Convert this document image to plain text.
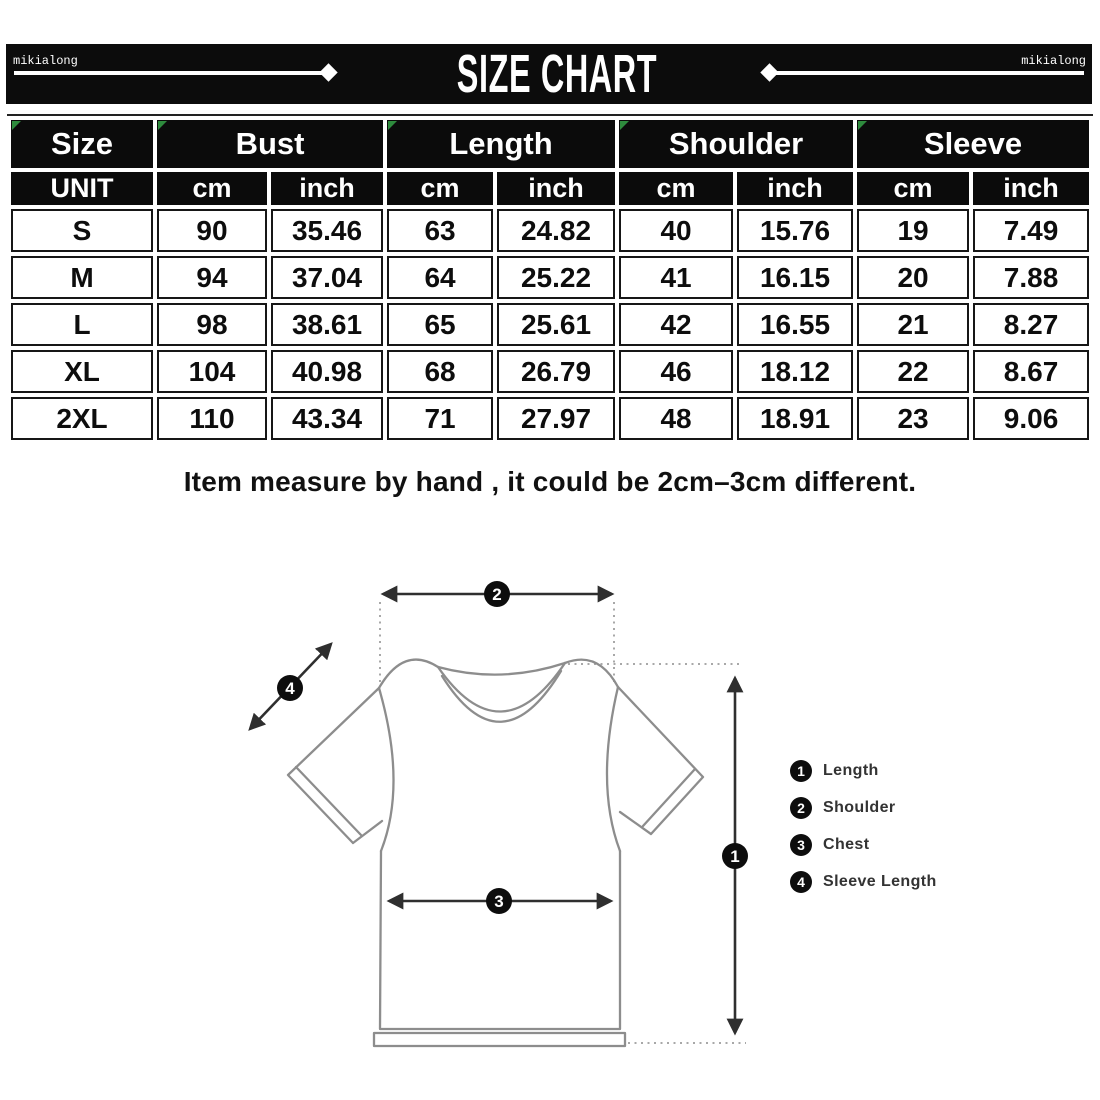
mikialong	mikialong
SIZE CHART
Size	Bust		Length		Shoulder		Sleeve	
UNIT	cm	inch	cm	inch	cm	inch	cm	inch
S	90	35.46	63	24.82	40	15.76	19	7.49
M	94	37.04	64	25.22	41	16.15	20	7.88
L	98	38.61	65	25.61	42	16.55	21	8.27
XL	104	40.98	68	26.79	46	18.12	22	8.67
2XL	110	43.34	71	27.97	48	18.91	23	9.06
Item measure by hand , it could be 2cm–3cm different.
2
4
3
1
1	Length
2	Shoulder
3	Chest
4	Sleeve Length
